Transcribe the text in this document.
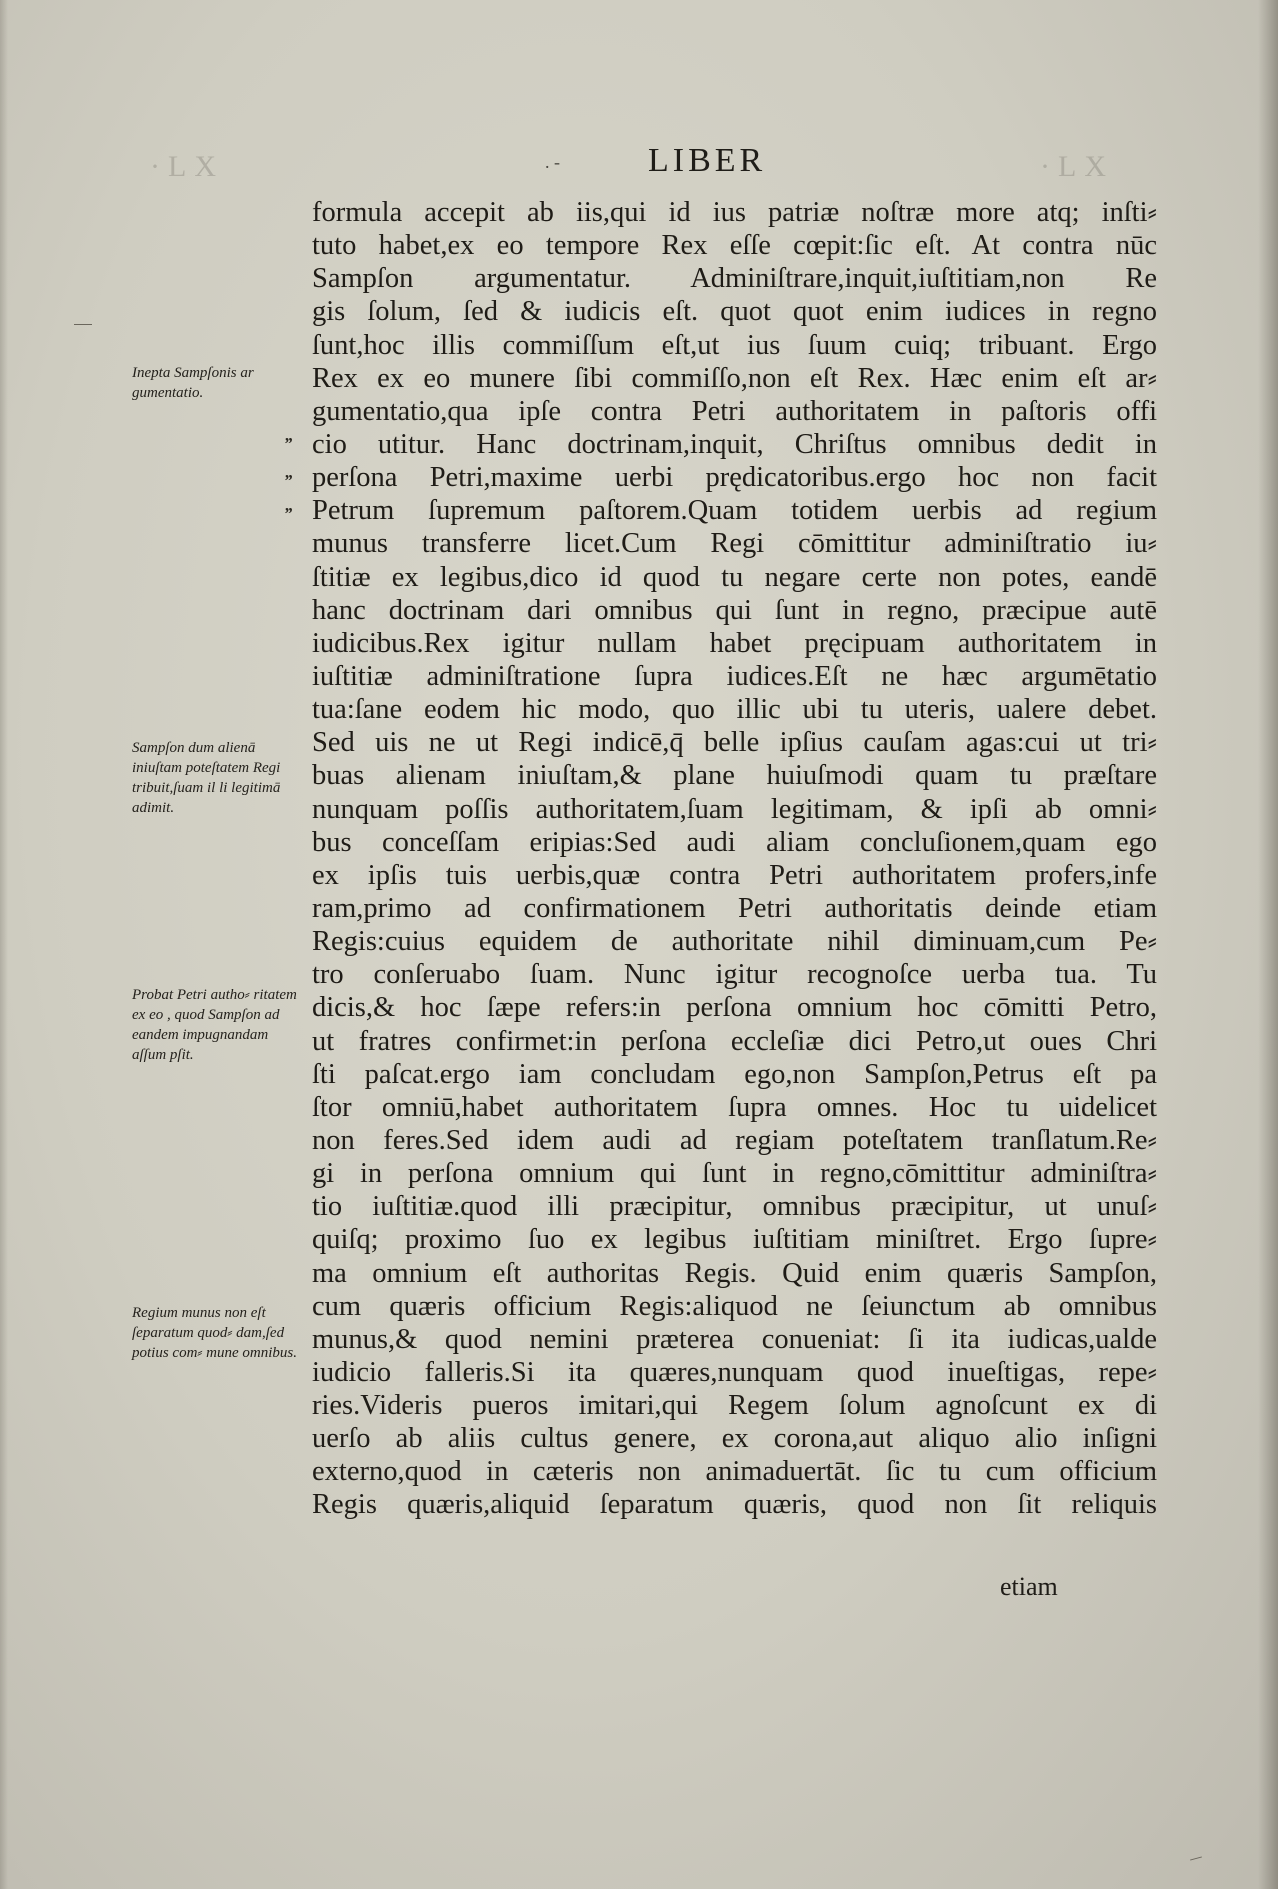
·LX	·LX
. -	LIBER
Inepta Sampſonis ar gumentatio.
Sampſon dum alienā iniuſtam poteſtatem Regi tribuit,ſuam il li legitimā adimit.
Probat Petri autho⸗ ritatem ex eo , quod Sampſon ad eandem impugnandam aſſum pſit.
Regium munus non eſt ſeparatum quod⸗ dam,ſed potius com⸗ mune omnibus.
”
”
”
formula accepit ab iis,qui id ius patriæ noſtræ more atq; inſti⸗
tuto habet,ex eo tempore Rex eſſe cœpit:ſic eſt. At contra nūc
Sampſon argumentatur. Adminiſtrare,inquit,iuſtitiam,non Re
gis ſolum, ſed & iudicis eſt. quot quot enim iudices in regno
ſunt,hoc illis commiſſum eſt,ut ius ſuum cuiq; tribuant. Ergo
Rex ex eo munere ſibi commiſſo,non eſt Rex. Hæc enim eſt ar⸗
gumentatio,qua ipſe contra Petri authoritatem in paſtoris offi
cio utitur. Hanc doctrinam,inquit, Chriſtus omnibus dedit in
perſona Petri,maxime uerbi prędicatoribus.ergo hoc non facit
Petrum ſupremum paſtorem.Quam totidem uerbis ad regium
munus transferre licet.Cum Regi cōmittitur adminiſtratio iu⸗
ſtitiæ ex legibus,dico id quod tu negare certe non potes, eandē
hanc doctrinam dari omnibus qui ſunt in regno, præcipue autē
iudicibus.Rex igitur nullam habet pręcipuam authoritatem in
iuſtitiæ adminiſtratione ſupra iudices.Eſt ne hæc argumētatio
tua:ſane eodem hic modo, quo illic ubi tu uteris, ualere debet.
Sed uis ne ut Regi indicē,q̄ belle ipſius cauſam agas:cui ut tri⸗
buas alienam iniuſtam,& plane huiuſmodi quam tu præſtare
nunquam poſſis authoritatem,ſuam legitimam, & ipſi ab omni⸗
bus conceſſam eripias:Sed audi aliam concluſionem,quam ego
ex ipſis tuis uerbis,quæ contra Petri authoritatem profers,infe
ram,primo ad confirmationem Petri authoritatis deinde etiam
Regis:cuius equidem de authoritate nihil diminuam,cum Pe⸗
tro conſeruabo ſuam. Nunc igitur recognoſce uerba tua. Tu
dicis,& hoc ſæpe refers:in perſona omnium hoc cōmitti Petro,
ut fratres confirmet:in perſona eccleſiæ dici Petro,ut oues Chri
ſti paſcat.ergo iam concludam ego,non Sampſon,Petrus eſt pa
ſtor omniū,habet authoritatem ſupra omnes. Hoc tu uidelicet
non feres.Sed idem audi ad regiam poteſtatem tranſlatum.Re⸗
gi in perſona omnium qui ſunt in regno,cōmittitur adminiſtra⸗
tio iuſtitiæ.quod illi præcipitur, omnibus præcipitur, ut unuſ⸗
quiſq; proximo ſuo ex legibus iuſtitiam miniſtret. Ergo ſupre⸗
ma omnium eſt authoritas Regis. Quid enim quæris Sampſon,
cum quæris officium Regis:aliquod ne ſeiunctum ab omnibus
munus,& quod nemini præterea conueniat: ſi ita iudicas,ualde
iudicio falleris.Si ita quæres,nunquam quod inueſtigas, repe⸗
ries.Videris pueros imitari,qui Regem ſolum agnoſcunt ex di
uerſo ab aliis cultus genere, ex corona,aut aliquo alio inſigni
externo,quod in cæteris non animaduertāt. ſic tu cum officium
Regis quæris,aliquid ſeparatum quæris, quod non ſit reliquis
etiam
